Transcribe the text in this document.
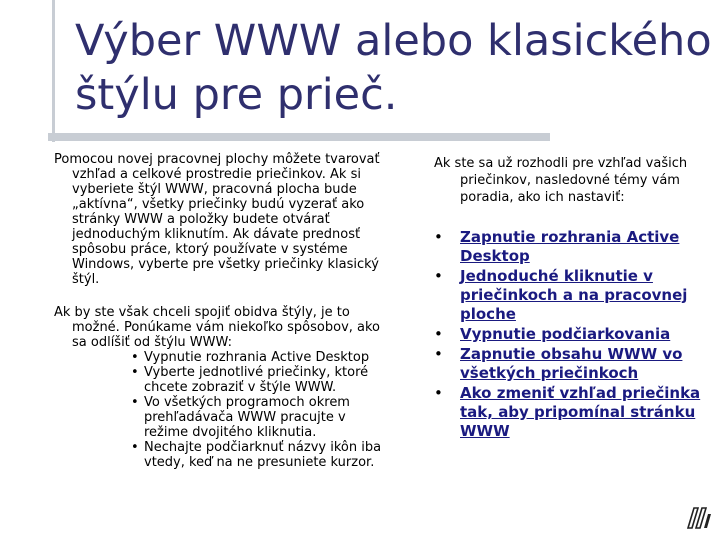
Výber WWW alebo klasického štýlu pre prieč.

Pomocou novej pracovnej plochy môžete tvarovať vzhľad a celkové prostredie priečinkov. Ak si vyberiete štýl WWW, pracovná plocha bude „aktívna“, všetky priečinky budú vyzerať ako stránky WWW a položky budete otvárať jednoduchým kliknutím. Ak dávate prednosť spôsobu práce, ktorý používate v systéme Windows, vyberte pre všetky priečinky klasický štýl.

Ak by ste však chceli spojiť obidva štýly, je to možné. Ponúkame vám niekoľko spôsobov, ako sa odlíšiť od štýlu WWW:

• Vypnutie rozhrania Active Desktop
• Vyberte jednotlivé priečinky, ktoré chcete zobraziť v štýle WWW.
• Vo všetkých programoch okrem prehľadávača WWW pracujte v režime dvojitého kliknutia.
• Nechajte podčiarknuť názvy ikôn iba vtedy, keď na ne presuniete kurzor.

Ak ste sa už rozhodli pre vzhľad vašich priečinkov, nasledovné témy vám poradia, ako ich nastaviť:

• Zapnutie rozhrania Active Desktop
• Jednoduché kliknutie v priečinkoch a na pracovnej ploche
• Vypnutie podčiarkovania
• Zapnutie obsahu WWW vo všetkých priečinkoch
• Ako zmeniť vzhľad priečinka tak, aby pripomínal stránku WWW
